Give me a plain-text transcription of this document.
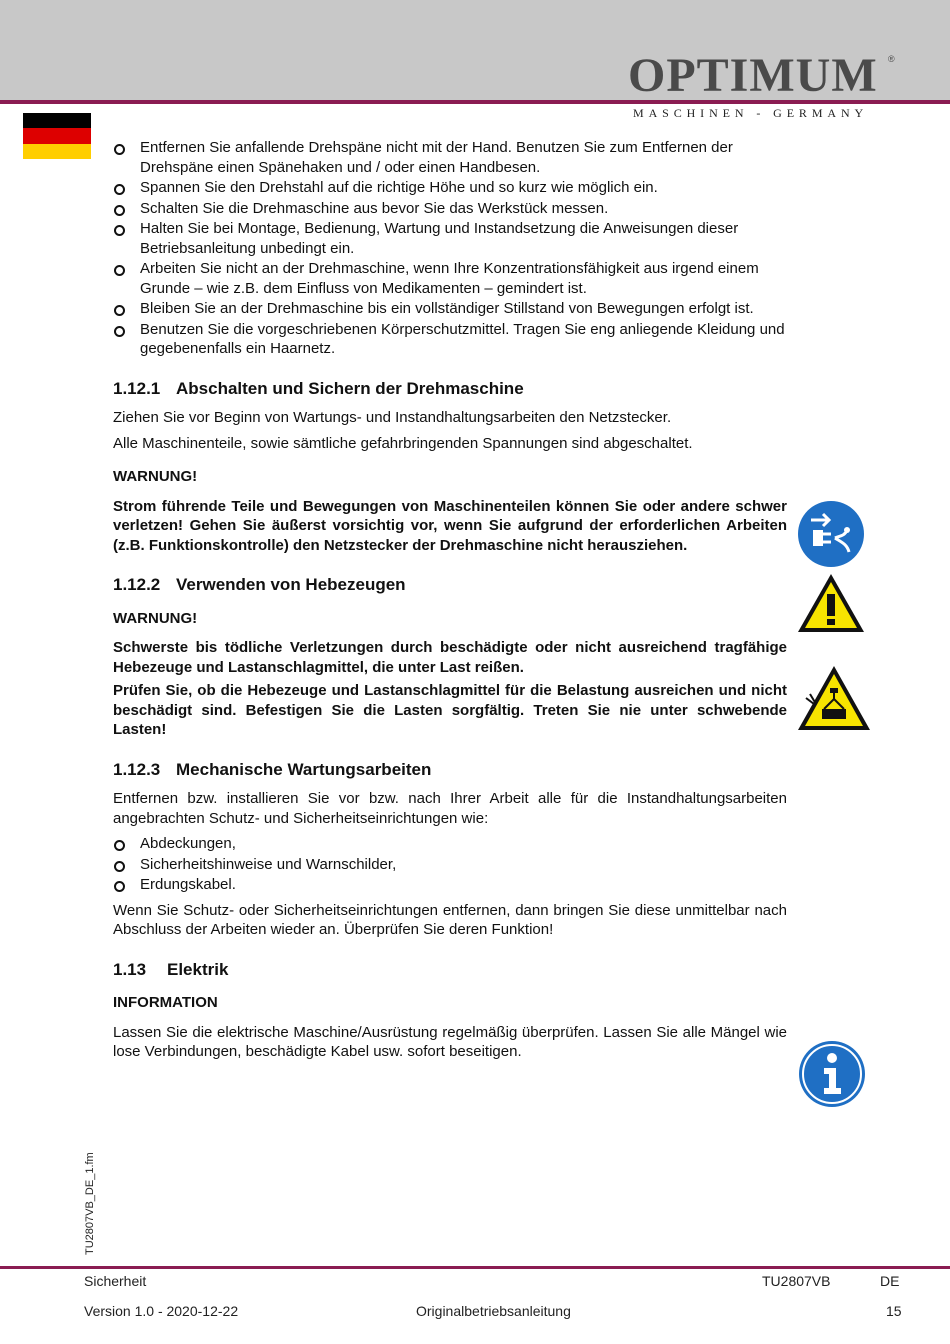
OPTIMUM ®
MASCHINEN - GERMANY
Entfernen Sie anfallende Drehspäne nicht mit der Hand. Benutzen Sie zum Entfernen der Drehspäne einen Spänehaken und / oder einen Handbesen.
Spannen Sie den Drehstahl auf die richtige Höhe und so kurz wie möglich ein.
Schalten Sie die Drehmaschine aus bevor Sie das Werkstück messen.
Halten Sie bei Montage, Bedienung, Wartung und Instandsetzung die Anweisungen dieser Betriebsanleitung unbedingt ein.
Arbeiten Sie nicht an der Drehmaschine, wenn Ihre Konzentrationsfähigkeit aus irgend einem Grunde – wie z.B. dem Einfluss von Medikamenten – gemindert ist.
Bleiben Sie an der Drehmaschine bis ein vollständiger Stillstand von Bewegungen erfolgt ist.
Benutzen Sie die vorgeschriebenen Körperschutzmittel. Tragen Sie eng anliegende Kleidung und gegebenenfalls ein Haarnetz.
1.12.1 Abschalten und Sichern der Drehmaschine

Ziehen Sie vor Beginn von Wartungs- und Instandhaltungsarbeiten den Netzstecker.

Alle Maschinenteile, sowie sämtliche gefahrbringenden Spannungen sind abgeschaltet.

WARNUNG!

Strom führende Teile und Bewegungen von Maschinenteilen können Sie oder andere schwer verletzen! Gehen Sie äußerst vorsichtig vor, wenn Sie aufgrund der erforderlichen Arbeiten (z.B. Funktionskontrolle) den Netzstecker der Drehmaschine nicht herausziehen.

1.12.2 Verwenden von Hebezeugen
WARNUNG!

Schwerste bis tödliche Verletzungen durch beschädigte oder nicht ausreichend tragfähige Hebezeuge und Lastanschlagmittel, die unter Last reißen.

Prüfen Sie, ob die Hebezeuge und Lastanschlagmittel für die Belastung ausreichen und nicht beschädigt sind. Befestigen Sie die Lasten sorgfältig. Treten Sie nie unter schwebende Lasten!

1.12.3 Mechanische Wartungsarbeiten

Entfernen bzw. installieren Sie vor bzw. nach Ihrer Arbeit alle für die Instandhaltungsarbeiten angebrachten Schutz- und Sicherheitseinrichtungen wie:

Abdeckungen,
Sicherheitshinweise und Warnschilder,
Erdungskabel.

Wenn Sie Schutz- oder Sicherheitseinrichtungen entfernen, dann bringen Sie diese unmittelbar nach Abschluss der Arbeiten wieder an. Überprüfen Sie deren Funktion!

1.13 Elektrik
INFORMATION

Lassen Sie die elektrische Maschine/Ausrüstung regelmäßig überprüfen. Lassen Sie alle Mängel wie lose Verbindungen, beschädigte Kabel usw. sofort beseitigen.

TU2807VB_DE_1.fm
Sicherheit	TU2807VB	DE
Version 1.0 - 2020-12-22	Originalbetriebsanleitung	15
